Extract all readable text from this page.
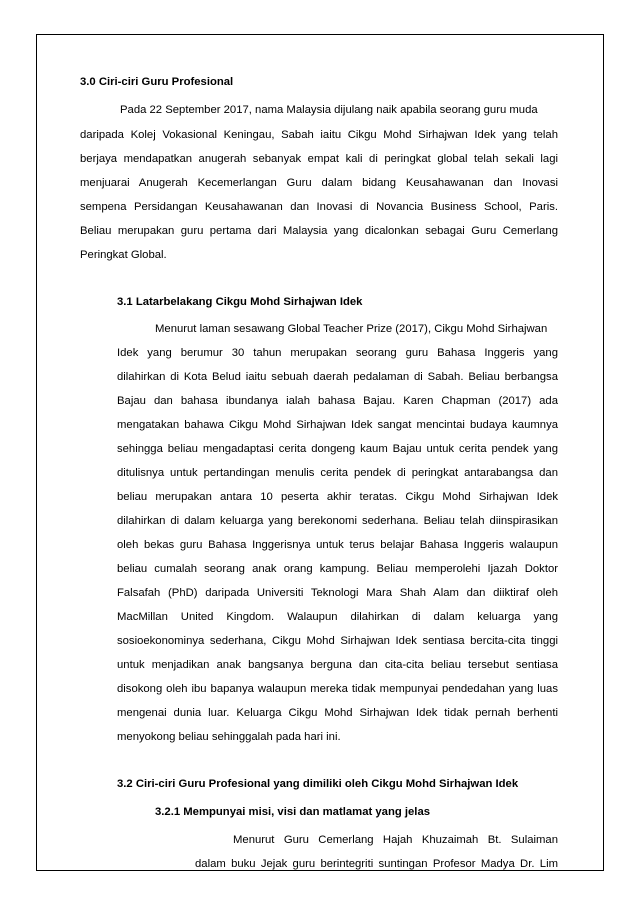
3.0 Ciri-ciri Guru Profesional
Pada 22 September 2017, nama Malaysia dijulang naik apabila seorang guru muda
daripada Kolej Vokasional Keningau, Sabah iaitu Cikgu Mohd Sirhajwan Idek yang telah
berjaya mendapatkan anugerah sebanyak empat kali di peringkat global telah sekali lagi
menjuarai Anugerah Kecemerlangan Guru dalam bidang Keusahawanan dan Inovasi
sempena Persidangan Keusahawanan dan Inovasi di Novancia Business School, Paris.
Beliau merupakan guru pertama dari Malaysia yang dicalonkan sebagai Guru Cemerlang
Peringkat Global.
3.1 Latarbelakang Cikgu Mohd Sirhajwan Idek
Menurut laman sesawang Global Teacher Prize (2017), Cikgu Mohd Sirhajwan
Idek yang berumur 30 tahun merupakan seorang guru Bahasa Inggeris yang
dilahirkan di Kota Belud iaitu sebuah daerah pedalaman di Sabah. Beliau berbangsa
Bajau dan bahasa ibundanya ialah bahasa Bajau. Karen Chapman (2017) ada
mengatakan bahawa Cikgu Mohd Sirhajwan Idek sangat mencintai budaya kaumnya
sehingga beliau mengadaptasi cerita dongeng kaum Bajau untuk cerita pendek yang
ditulisnya untuk pertandingan menulis cerita pendek di peringkat antarabangsa dan
beliau merupakan antara 10 peserta akhir teratas. Cikgu Mohd Sirhajwan Idek
dilahirkan di dalam keluarga yang berekonomi sederhana. Beliau telah diinspirasikan
oleh bekas guru Bahasa Inggerisnya untuk terus belajar Bahasa Inggeris walaupun
beliau cumalah seorang anak orang kampung. Beliau memperolehi Ijazah Doktor
Falsafah (PhD) daripada Universiti Teknologi Mara Shah Alam dan diiktiraf oleh
MacMillan United Kingdom. Walaupun dilahirkan di dalam keluarga yang
sosioekonominya sederhana, Cikgu Mohd Sirhajwan Idek sentiasa bercita-cita tinggi
untuk menjadikan anak bangsanya berguna dan cita-cita beliau tersebut sentiasa
disokong oleh ibu bapanya walaupun mereka tidak mempunyai pendedahan yang luas
mengenai dunia luar. Keluarga Cikgu Mohd Sirhajwan Idek tidak pernah berhenti
menyokong beliau sehinggalah pada hari ini.
3.2 Ciri-ciri Guru Profesional yang dimiliki oleh Cikgu Mohd Sirhajwan Idek
3.2.1 Mempunyai misi, visi dan matlamat yang jelas
Menurut Guru Cemerlang Hajah Khuzaimah Bt. Sulaiman
dalam buku Jejak guru berintegriti suntingan Profesor Madya Dr. Lim
